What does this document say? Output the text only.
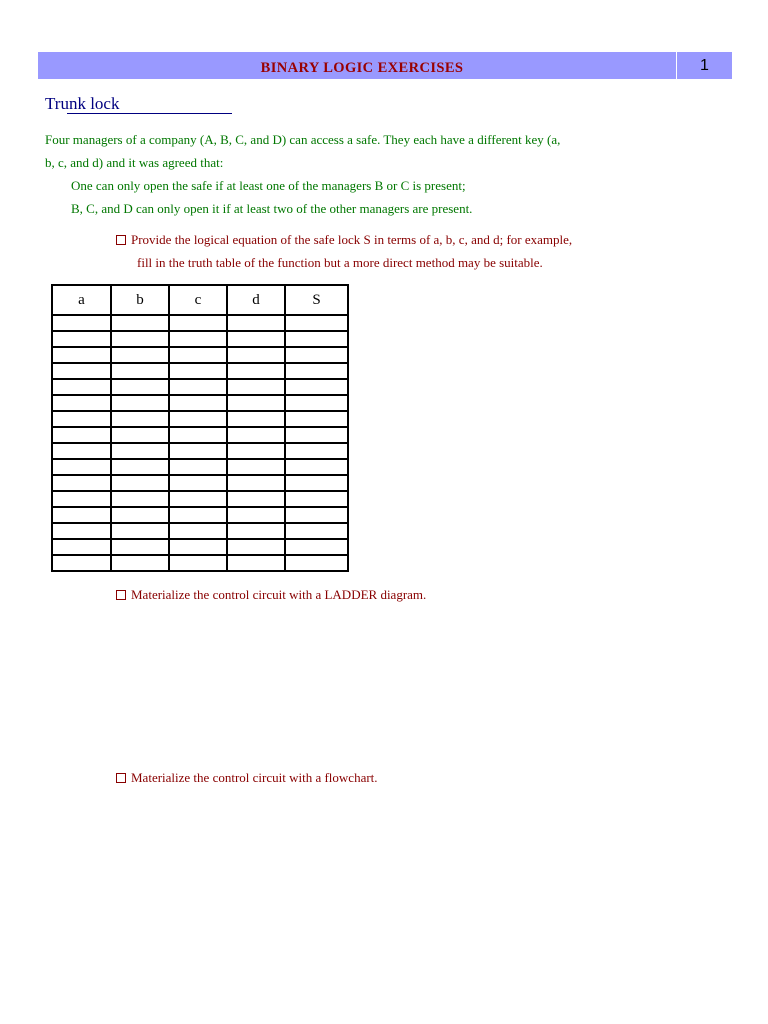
BINARY LOGIC EXERCISES	1
Trunk lock
Four managers of a company (A, B, C, and D) can access a safe. They each have a different key (a,
b, c, and d) and it was agreed that:
One can only open the safe if at least one of the managers B or C is present;
B, C, and D can only open it if at least two of the other managers are present.
Provide the logical equation of the safe lock S in terms of a, b, c, and d; for example,
fill in the truth table of the function but a more direct method may be suitable.
a	b	c	d	S

Materialize the control circuit with a LADDER diagram.
Materialize the control circuit with a flowchart.
